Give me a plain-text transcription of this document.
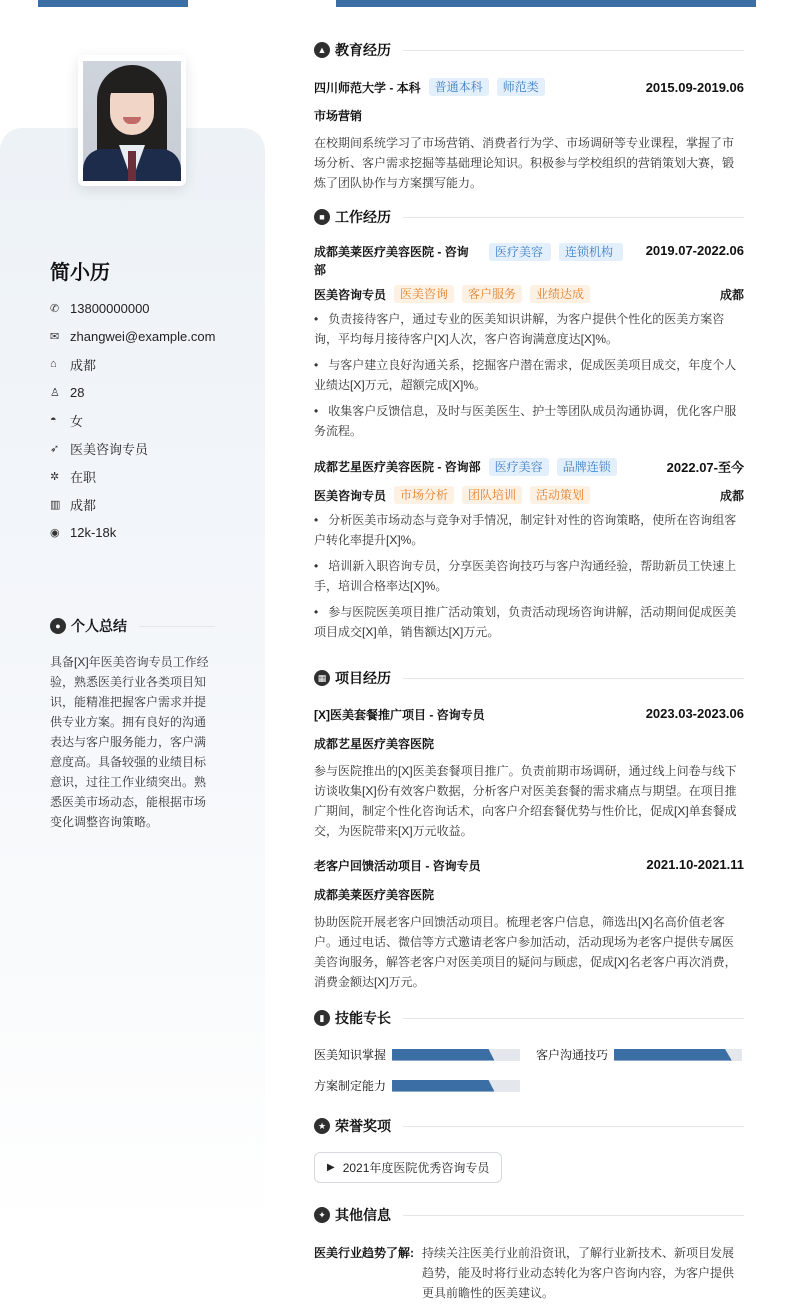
简小历
✆ 13800000000
✉ zhangwei@example.com
⌂	成都
♙ 28
◓	女
➶ 医美咨询专员
✲ 在职
▥ 成都
◉ 12k-18k
● 个人总结
具备[X]年医美咨询专员工作经验，熟悉医美行业各类项目知识，能精准把握客户需求并提供专业方案。拥有良好的沟通表达与客户服务能力，客户满意度高。具备较强的业绩目标意识，过往工作业绩突出。熟悉医美市场动态，能根据市场变化调整咨询策略。
▲ 教育经历
四川师范大学 - 本科	普通本科	师范类	2015.09-2019.06
市场营销
在校期间系统学习了市场营销、消费者行为学、市场调研等专业课程，掌握了市场分析、客户需求挖掘等基础理论知识。积极参与学校组织的营销策划大赛，锻炼了团队协作与方案撰写能力。
■ 工作经历
成都美莱医疗美容医院 - 咨询部
医疗美容	连锁机构	2019.07-2022.06
医美咨询专员	医美咨询	客户服务	业绩达成	成都
•   负责接待客户，通过专业的医美知识讲解，为客户提供个性化的医美方案咨询，平均每月接待客户[X]人次，客户咨询满意度达[X]%。
•   与客户建立良好沟通关系，挖掘客户潜在需求，促成医美项目成交，年度个人业绩达[X]万元，超额完成[X]%。
•   收集客户反馈信息，及时与医美医生、护士等团队成员沟通协调，优化客户服务流程。
成都艺星医疗美容医院 - 咨询部	医疗美容	品牌连锁	2022.07-至今
医美咨询专员	市场分析	团队培训	活动策划	成都
•   分析医美市场动态与竞争对手情况，制定针对性的咨询策略，使所在咨询组客户转化率提升[X]%。
•   培训新入职咨询专员，分享医美咨询技巧与客户沟通经验，帮助新员工快速上手，培训合格率达[X]%。
•   参与医院医美项目推广活动策划，负责活动现场咨询讲解，活动期间促成医美项目成交[X]单，销售额达[X]万元。
▦ 项目经历
[X]医美套餐推广项目 - 咨询专员	2023.03-2023.06
成都艺星医疗美容医院
参与医院推出的[X]医美套餐项目推广。负责前期市场调研，通过线上问卷与线下访谈收集[X]份有效客户数据，分析客户对医美套餐的需求痛点与期望。在项目推广期间，制定个性化咨询话术，向客户介绍套餐优势与性价比，促成[X]单套餐成交，为医院带来[X]万元收益。
老客户回馈活动项目 - 咨询专员	2021.10-2021.11
成都美莱医疗美容医院
协助医院开展老客户回馈活动项目。梳理老客户信息，筛选出[X]名高价值老客户。通过电话、微信等方式邀请老客户参加活动，活动现场为老客户提供专属医美咨询服务，解答老客户对医美项目的疑问与顾虑，促成[X]名老客户再次消费，消费金额达[X]万元。
▮ 技能专长
医美知识掌握	客户沟通技巧
方案制定能力
★ 荣誉奖项
▶ 2021年度医院优秀咨询专员
✦ 其他信息
医美行业趋势了解: 持续关注医美行业前沿资讯，了解行业新技术、新项目发展趋势，能及时将行业动态转化为客户咨询内容，为客户提供更具前瞻性的医美建议。
